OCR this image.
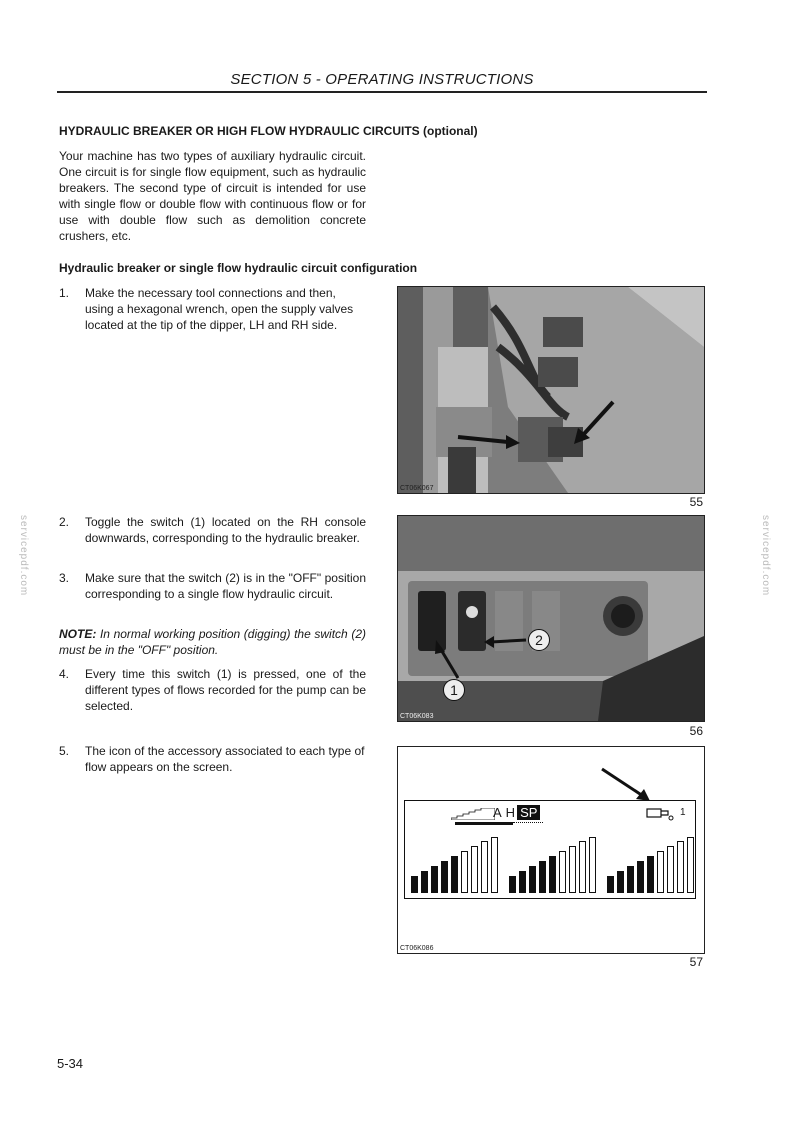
SECTION 5 - OPERATING INSTRUCTIONS
HYDRAULIC BREAKER OR HIGH FLOW HYDRAULIC CIRCUITS (optional)
Your machine has two types of auxiliary hydraulic circuit. One circuit is for single flow equipment, such as hydraulic breakers. The second type of circuit is intended for use with single flow or double flow with continuous flow or for use with double flow such as demolition concrete crushers, etc.
Hydraulic breaker or single flow hydraulic circuit configuration
1.	Make the necessary tool connections and then, using a hexagonal wrench, open the supply valves located at the tip of the dipper, LH and RH side.
2.	Toggle the switch (1) located on the RH console downwards, corresponding to the hydraulic breaker.
3.	Make sure that the switch (2) is in the "OFF" position corresponding to a single flow hydraulic circuit.
NOTE: In normal working position (digging) the switch (2) must be in the "OFF" position.
4.	Every time this switch (1) is pressed, one of the different types of flows recorded for the pump can be selected.
5.	The icon of the accessory associated to each type of flow appears on the screen.
CT06K067
55
1
2
CT06K083
56
A H SP	1
CT06K086
57
servicepdf.com	servicepdf.com
5-34
